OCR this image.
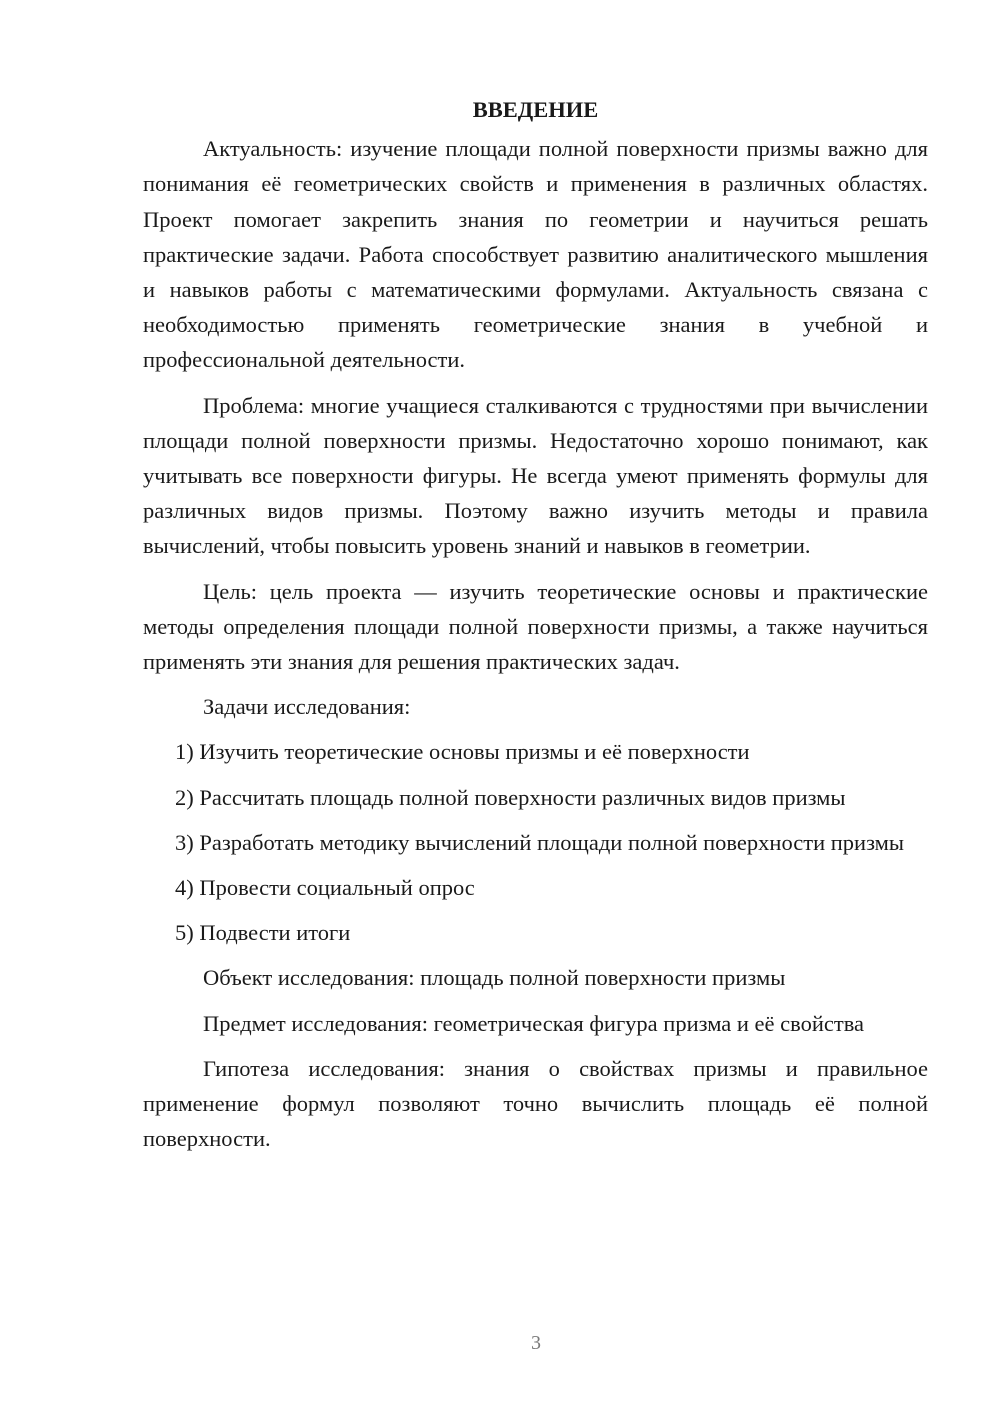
ВВЕДЕНИЕ

Актуальность: изучение площади полной поверхности призмы важно для понимания её геометрических свойств и применения в различных областях. Проект помогает закрепить знания по геометрии и научиться решать практические задачи. Работа способствует развитию аналитического мышления и навыков работы с математическими формулами. Актуальность связана с необходимостью применять геометрические знания в учебной и профессиональной деятельности.

Проблема: многие учащиеся сталкиваются с трудностями при вычислении площади полной поверхности призмы. Недостаточно хорошо понимают, как учитывать все поверхности фигуры. Не всегда умеют применять формулы для различных видов призмы. Поэтому важно изучить методы и правила вычислений, чтобы повысить уровень знаний и навыков в геометрии.

Цель: цель проекта — изучить теоретические основы и практические методы определения площади полной поверхности призмы, а также научиться применять эти знания для решения практических задач.

Задачи исследования:

1) Изучить теоретические основы призмы и её поверхности

2) Рассчитать площадь полной поверхности различных видов призмы

3) Разработать методику вычислений площади полной поверхности призмы

4) Провести социальный опрос

5) Подвести итоги

Объект исследования: площадь полной поверхности призмы

Предмет исследования: геометрическая фигура призма и её свойства

Гипотеза исследования: знания о свойствах призмы и правильное применение формул позволяют точно вычислить площадь её полной поверхности.

3
